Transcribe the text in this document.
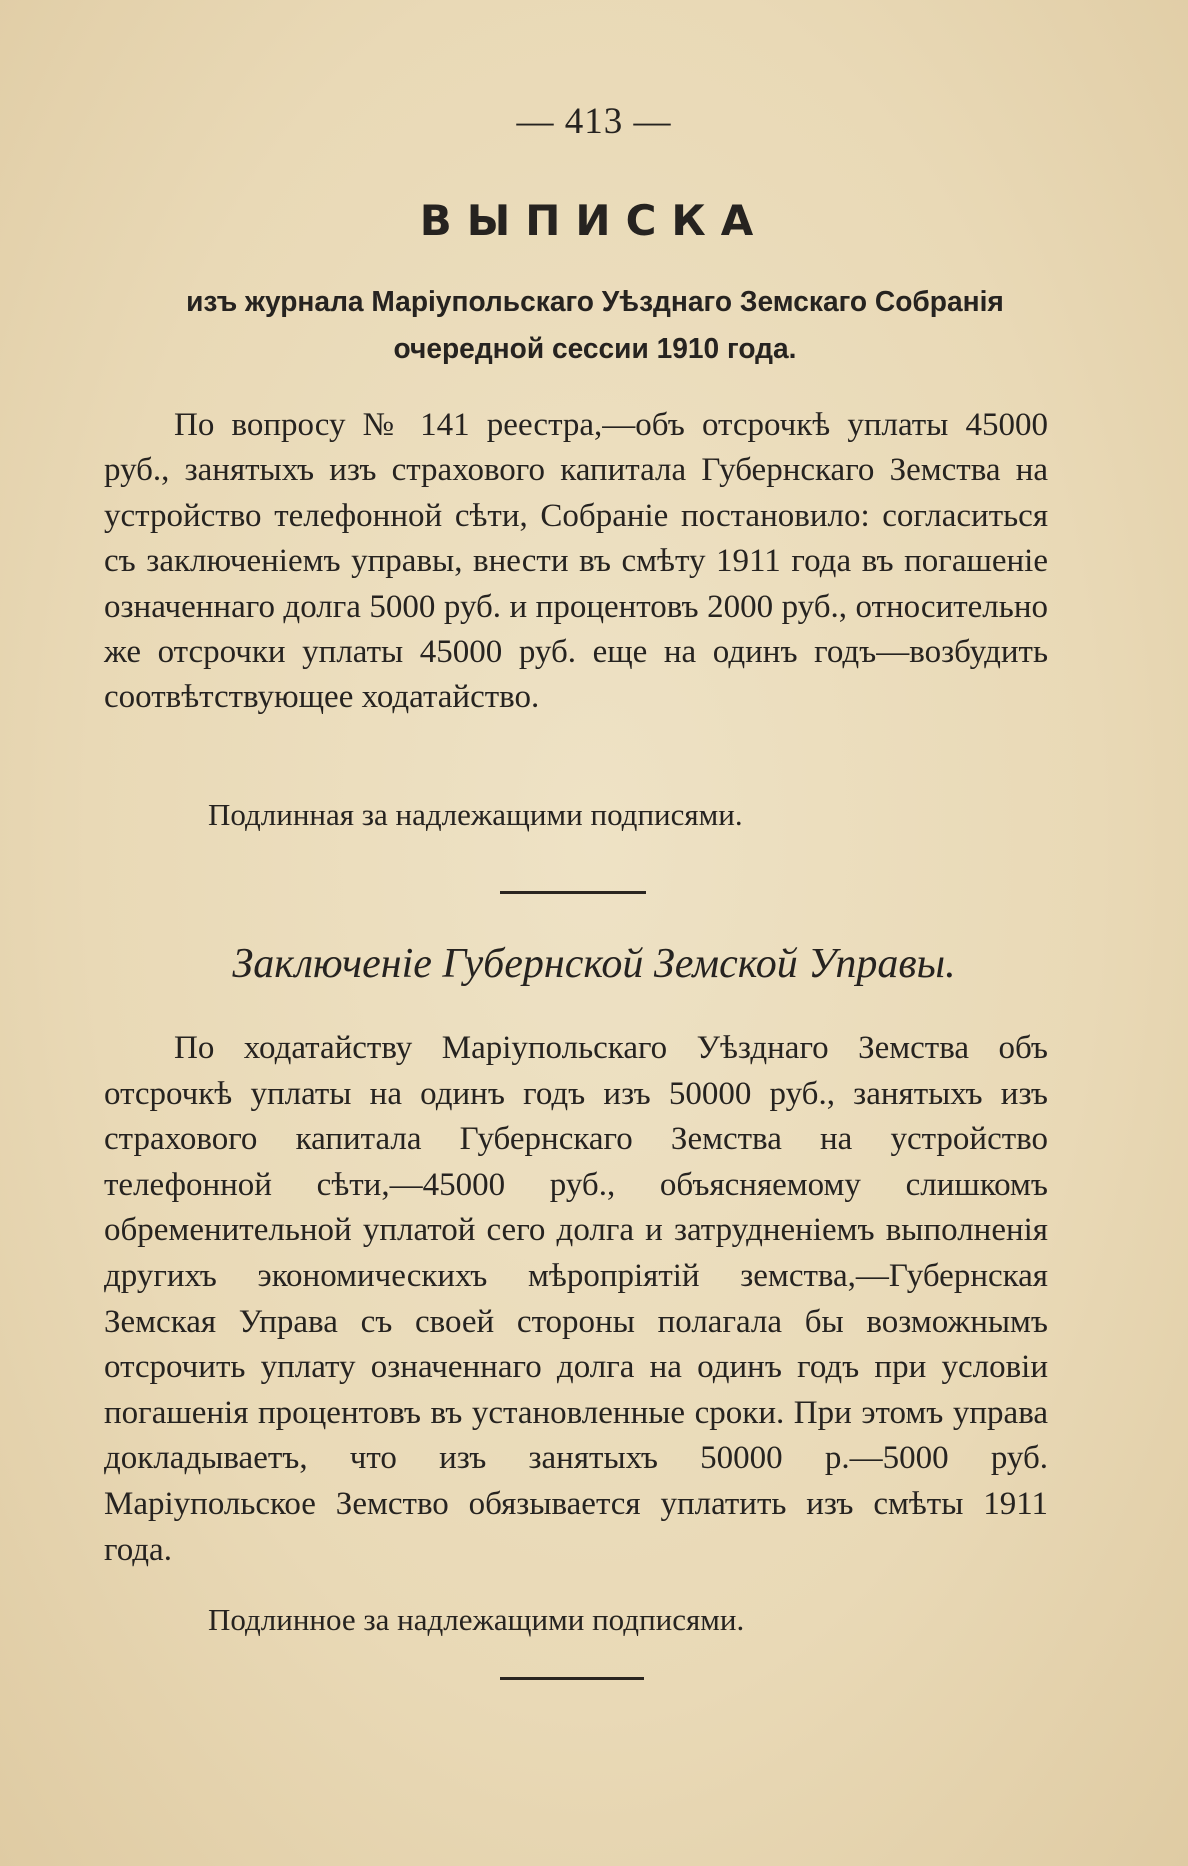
— 413 —
ВЫПИСКА
изъ журнала Маріупольскаго Уѣзднаго Земскаго Собранія
очередной сессии 1910 года.

По вопросу № 141 реестра,—объ отсрочкѣ уплаты 45000 руб., занятыхъ изъ страхового капитала Губернскаго Земства на устройство телефонной сѣти, Собраніе постановило: согласиться съ заключеніемъ управы, внести въ смѣту 1911 года въ погашеніе означеннаго долга 5000 руб. и процентовъ 2000 руб., относительно же отсрочки уплаты 45000 руб. еще на одинъ годъ—возбудить соотвѣтствующее ходатайство.

Подлинная за надлежащими подписями.
Заключеніе Губернской Земской Управы.

По ходатайству Маріупольскаго Уѣзднаго Земства объ отсрочкѣ уплаты на одинъ годъ изъ 50000 руб., занятыхъ изъ страхового капитала Губернскаго Земства на устройство телефонной сѣти,—45000 руб., объясняемому слишкомъ обременительной уплатой сего долга и затрудненіемъ выполненія другихъ экономическихъ мѣропріятій земства,—Губернская Земская Управа съ своей стороны полагала бы возможнымъ отсрочить уплату означеннаго долга на одинъ годъ при условіи погашенія процентовъ въ установленные сроки. При этомъ управа докладываетъ, что изъ занятыхъ 50000 р.—5000 руб. Маріупольское Земство обязывается уплатить изъ смѣты 1911 года.

Подлинное за надлежащими подписями.
